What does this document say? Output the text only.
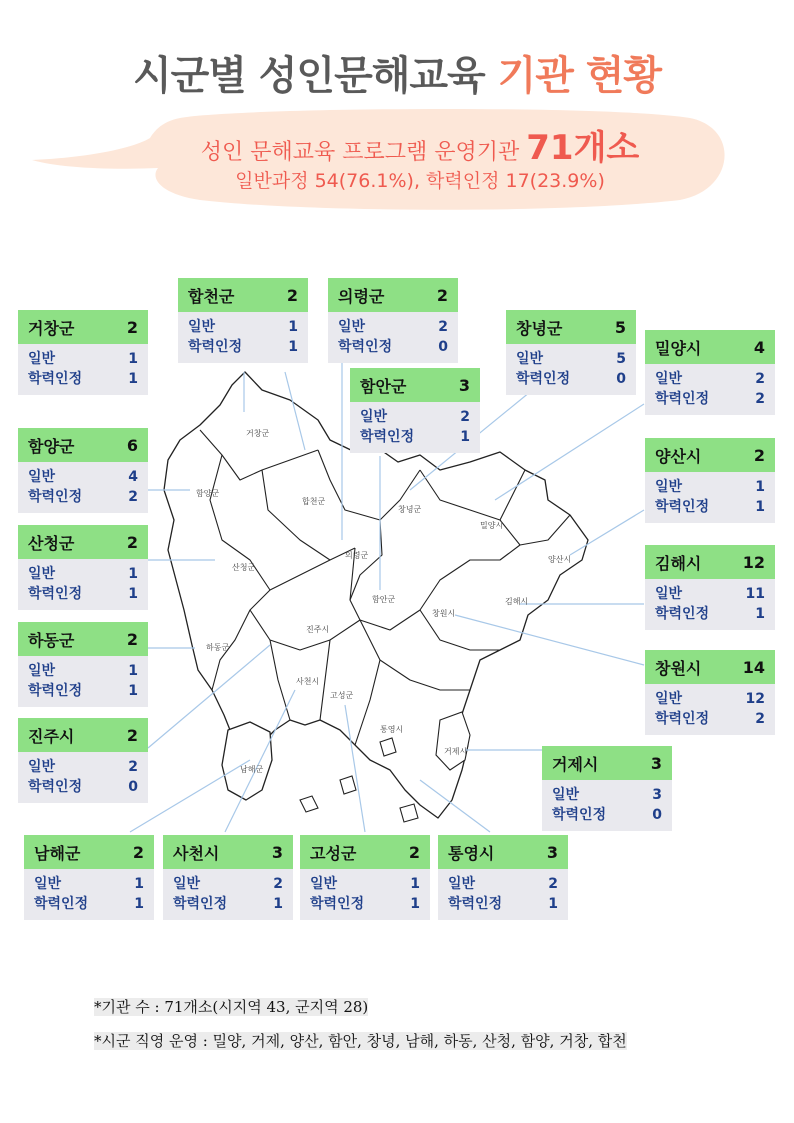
시군별 성인문해교육 기관 현황
성인 문해교육 프로그램 운영기관 71개소
일반과정 54(76.1%), 학력인정 17(23.9%)
거창군
함양군
합천군
창녕군
밀양시
산청군
의령군	양산시
함안군	김해시
창원시
하동군
진주시
사천시
고성군
통영시
거제시
남해군
거창군	2
일반	1
학력인정	1
합천군	2
일반	1
학력인정	1
의령군	2
일반	2
학력인정	0
창녕군	5
일반	5
학력인정	0
밀양시	4
일반	2
학력인정	2
함안군	3
일반	2
학력인정	1
함양군	6
일반	4
학력인정	2
양산시	2
일반	1
학력인정	1
산청군	2
일반	1
학력인정	1
김해시	12
일반	11
학력인정	1
하동군	2
일반	1
학력인정	1
창원시	14
일반	12
학력인정	2
진주시	2
일반	2
학력인정	0
거제시	3
일반	3
학력인정	0
남해군	2
일반	1
학력인정	1
사천시	3
일반	2
학력인정	1
고성군	2
일반	1
학력인정	1
통영시	3
일반	2
학력인정	1
*기관 수 : 71개소(시지역 43, 군지역 28)
*시군 직영 운영 : 밀양, 거제, 양산, 함안, 창녕, 남해, 하동, 산청, 함양, 거창, 합천
